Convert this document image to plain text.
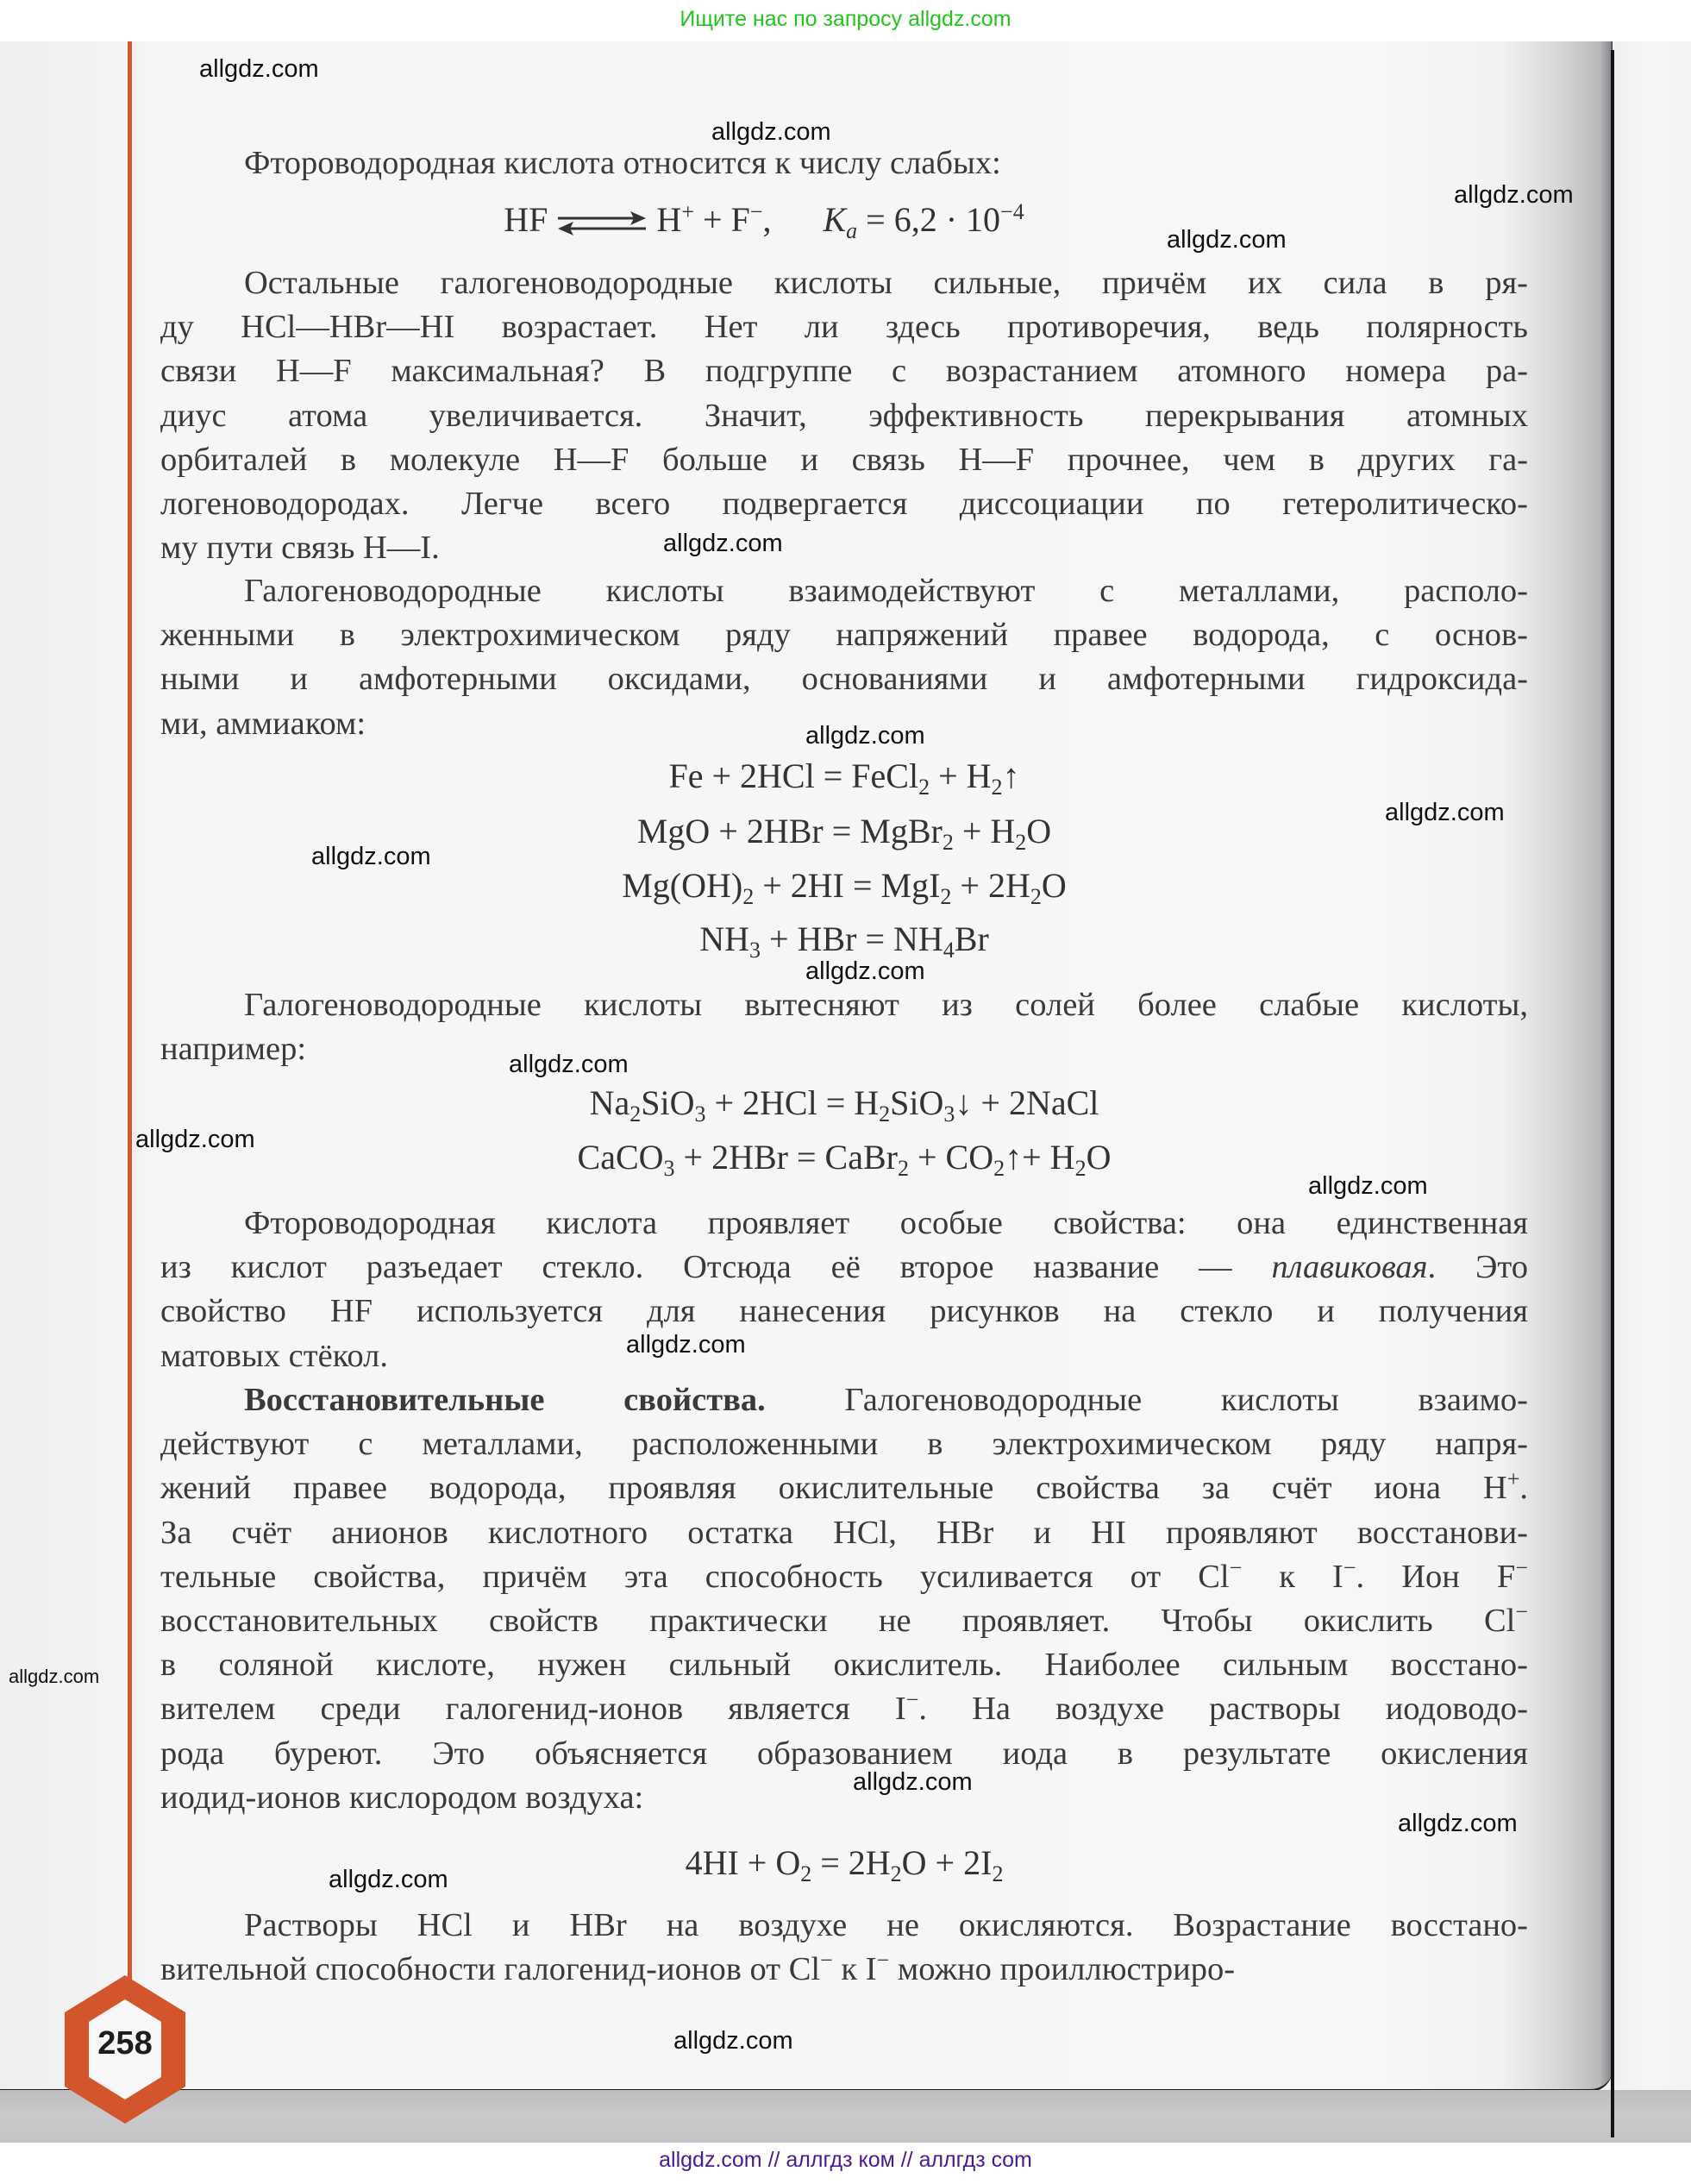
Ищите нас по запросу allgdz.com
258
Фтороводородная кислота относится к числу слабых:
HF ⇌ H+ + F−,      $K_a = 6,2 \cdot 10^{-4}$
Остальные галогеноводородные кислоты сильные, причём их сила в ря-
ду HCl—HBr—HI возрастает. Нет ли здесь противоречия, ведь полярность
связи H—F максимальная? В подгруппе с возрастанием атомного номера ра-
диус атома увеличивается. Значит, эффективность перекрывания атомных
орбиталей в молекуле H—F больше и связь H—F прочнее, чем в других га-
логеноводородах. Легче всего подвергается диссоциации по гетеролитическо-
му пути связь H—I.
Галогеноводородные кислоты взаимодействуют с металлами, располо-
женными в электрохимическом ряду напряжений правее водорода, с основ-
ными и амфотерными оксидами, основаниями и амфотерными гидроксида-
ми, аммиаком:
Fe + 2HCl = FeCl$_2$ + $H_2↑$
MgO + 2HBr = MgBr$_2$ + $H_2O$
$Mg(OH)_2 + 2HI = MgI_2 + 2H_2O$
$NH_3$ + HBr = $NH_4Br$
Галогеноводородные кислоты вытесняют из солей более слабые кислоты,
например:
$Na_2SiO_3 + 2HCl$ = $H_2SiO_3↓$ + 2NaCl
CaCO$_3$ + 2HBr = CaBr$_2$ + $CO_2↑+ H_2O$
Фтороводородная кислота проявляет особые свойства: она единственная
из кислот разъедает стекло. Отсюда её второе название — плавиковая. Это
свойство HF используется для нанесения рисунков на стекло и получения
матовых стёкол.
Восстановительные свойства. Галогеноводородные кислоты взаимо-
действуют с металлами, расположенными в электрохимическом ряду напря-
жений правее водорода, проявляя окислительные свойства за счёт иона H+.
За счёт анионов кислотного остатка HCl, HBr и HI проявляют восстанови-
тельные свойства, причём эта способность усиливается от Cl− к I−. Ион F−
восстановительных свойств практически не проявляет. Чтобы окислить Cl−
в соляной кислоте, нужен сильный окислитель. Наиболее сильным восстано-
вителем среди галогенид-ионов является I−. На воздухе растворы иодоводо-
рода буреют. Это объясняется образованием иода в результате окисления
иодид-ионов кислородом воздуха:
$4HI + O_2 = 2H_2O + 2I_2$
Растворы HCl и HBr на воздухе не окисляются. Возрастание восстано-
вительной способности галогенид-ионов от Cl− к I− можно проиллюстриро-
allgdz.com
allgdz.com
allgdz.com
allgdz.com
allgdz.com
allgdz.com
allgdz.com
allgdz.com
allgdz.com
allgdz.com
allgdz.com
allgdz.com
allgdz.com
allgdz.com
allgdz.com
allgdz.com
allgdz.com
allgdz.com
allgdz.com // аллгдз ком // аллгдз com
